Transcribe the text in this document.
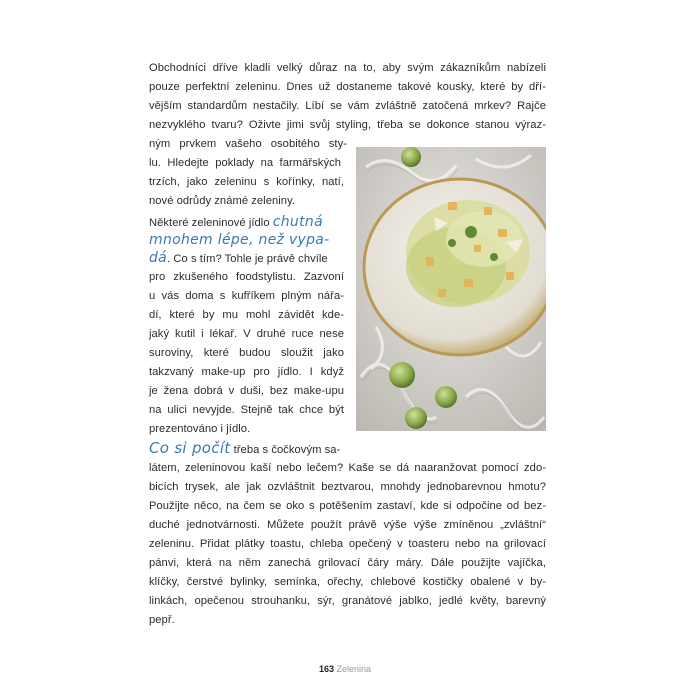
Obchodníci dříve kladli velký důraz na to, aby svým zákazníkům nabízeli
pouze perfektní zeleninu. Dnes už dostaneme takové kousky, které by dří-
vějším standardům nestačily. Líbí se vám zvláštně zatočená mrkev? Rajče
nezvyklého tvaru? Oživte jimi svůj styling, třeba se dokonce stanou výraz-
ným prvkem vašeho osobitého sty-
lu. Hledejte poklady na farmářských
trzích, jako zeleninu s kořínky, natí,
nové odrůdy známé zeleniny.
Některé zeleninové jídlo chutná
mnohem lépe, než vypa-
dá. Co s tím? Tohle je právě chvíle
pro zkušeného foodstylistu. Zazvoní
u vás doma s kufříkem plným nářa-
dí, které by mu mohl závidět kde-
jaký kutil i lékař. V druhé ruce nese
suroviny, které budou sloužit jako
takzvaný make-up pro jídlo. I když
je žena dobrá v duši, bez make-upu
na ulici nevyjde. Stejně tak chce být
prezentováno i jídlo.
Co si počít třeba s čočkovým sa-
látem, zeleninovou kaší nebo lečem? Kaše se dá naaranžovat pomocí zdo-
bicích trysek, ale jak ozvláštnit beztvarou, mnohdy jednobarevnou hmotu?
Použijte něco, na čem se oko s potěšením zastaví, kde si odpočine od bez-
duché jednotvárnosti. Můžete použít právě výše výše zmíněnou „zvláštní“
zeleninu. Přidat plátky toastu, chleba opečený v toasteru nebo na grilovací
pánvi, která na něm zanechá grilovací čáry máry. Dále použijte vajíčka,
klíčky, čerstvé bylinky, semínka, ořechy, chlebové kostičky obalené v by-
linkách, opečenou strouhanku, sýr, granátové jablko, jedlé květy, barevný
pepř.
163 Zelenina
